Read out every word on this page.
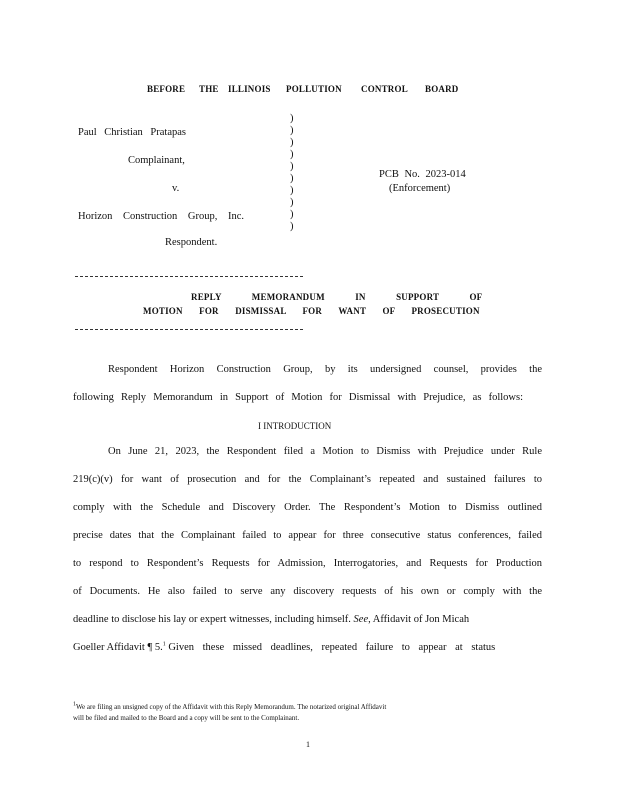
BEFORE THE ILLINOIS POLLUTION CONTROL BOARD
Paul Christian Pratapas
Complainant,
v.
Horizon Construction Group, Inc.
Respondent.
)
)
)
)
)
)
)
)
)
)
PCB No. 2023-014
(Enforcement)
REPLY MEMORANDUM IN SUPPORT OF
MOTION FOR DISMISSAL FOR WANT OF PROSECUTION
Respondent Horizon Construction Group, by its undersigned counsel, provides the
following Reply Memorandum in Support of Motion for Dismissal with Prejudice, as follows:
I INTRODUCTION
On June 21, 2023, the Respondent filed a Motion to Dismiss with Prejudice under Rule
219(c)(v) for want of prosecution and for the Complainant’s repeated and sustained failures to
comply with the Schedule and Discovery Order. The Respondent’s Motion to Dismiss outlined
precise dates that the Complainant failed to appear for three consecutive status conferences, failed
to respond to Respondent’s Requests for Admission, Interrogatories, and Requests for Production
of Documents. He also failed to serve any discovery requests of his own or comply with the
deadline to disclose his lay or expert witnesses, including himself. See, Affidavit of Jon Micah
Goeller Affidavit ¶ 5.$^1$ Given these missed deadlines, repeated failure to appear at status
$^1$We are filing an unsigned copy of the Affidavit with this Reply Memorandum. The notarized original Affidavit
will be filed and mailed to the Board and a copy will be sent to the Complainant.
1
